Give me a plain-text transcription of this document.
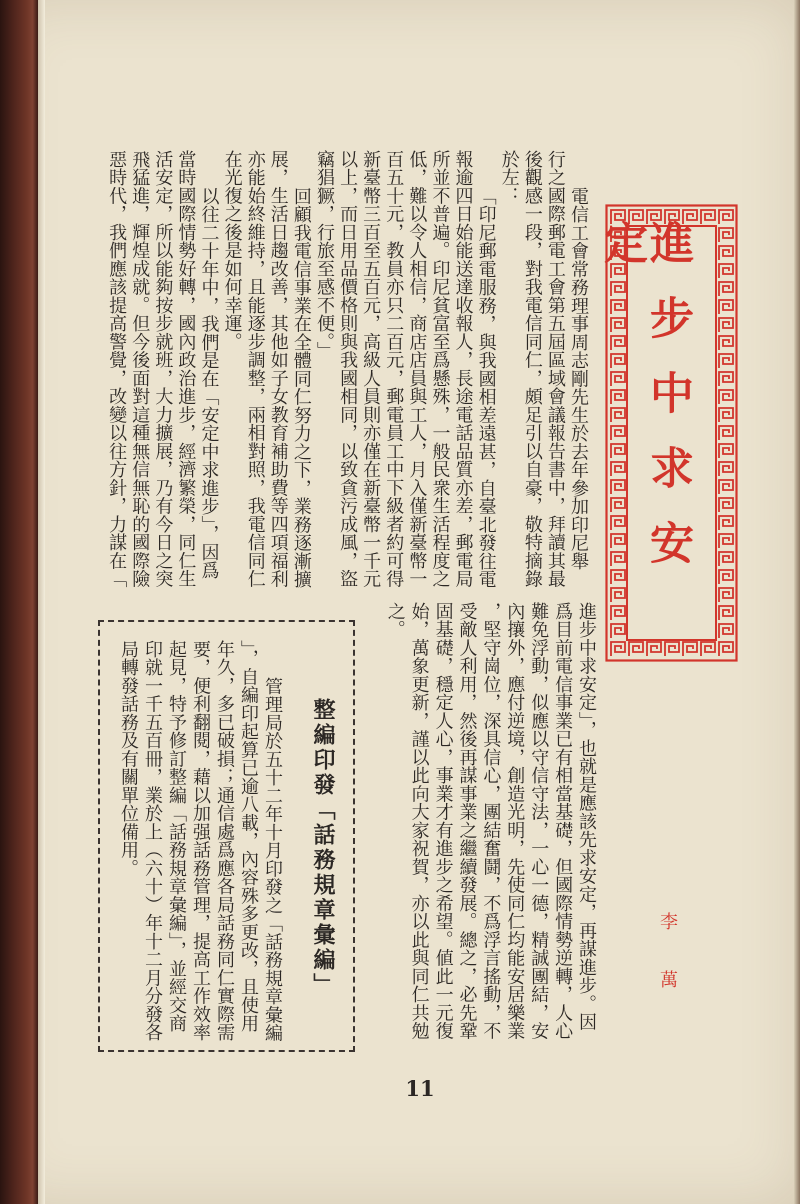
進步中求安定
李萬
電信工會常務理事周志剛先生於去年參加印尼舉
行之國際郵電工會第五屆區域會議報告書中，拜讀其最
後觀感一段，對我電信同仁，頗足引以自豪，敬特摘錄
於左：
「印尼郵電服務，與我國相差遠甚，自臺北發往電
報逾四日始能送達收報人，長途電話品質亦差，郵電局
所並不普遍。印尼貧富至爲懸殊，一般民衆生活程度之
低，難以令人相信，商店店員與工人，月入僅新臺幣一
百五十元，教員亦只二百元，郵電員工中下級者約可得
新臺幣三百至五百元，高級人員則亦僅在新臺幣一千元
以上，而日用品價格則與我國相同，以致貪污成風，盜
竊猖獗，行旅至感不便。」
回顧我電信事業在全體同仁努力之下，業務逐漸擴
展，生活日趨改善，其他如子女教育補助費等四項福利
亦能始終維持，且能逐步調整，兩相對照，我電信同仁
在光復之後是如何幸運。
以往二十年中，我們是在「安定中求進步」，因爲
當時國際情勢好轉，國內政治進步，經濟繁榮，同仁生
活安定，所以能夠按步就班，大力擴展，乃有今日之突
飛猛進，輝煌成就。但今後面對這種無信無恥的國際險
惡時代，我們應該提高警覺，改變以往方針，力謀在「
進步中求安定」，也就是應該先求安定，再謀進步。因
爲目前電信事業已有相當基礎，但國際情勢逆轉，人心
難免浮動，似應以守信守法，一心一德，精誠團結，安
內攘外，應付逆境，創造光明，先使同仁均能安居樂業
，堅守崗位，深具信心，團結奮鬪，不爲浮言搖動，不
受敵人利用，然後再謀事業之繼續發展。總之，必先鞏
固基礎，穩定人心，事業才有進步之希望。値此一元復
始，萬象更新，謹以此向大家祝賀，亦以此與同仁共勉
之。
整編印發「話務規章彙編」
管理局於五十二年十月印發之「話務規章彙編
」，自編印起算已逾八載，內容殊多更改，且使用
年久，多已破損；通信處爲應各局話務同仁實際需
要，便利翻閱，藉以加强話務管理，提高工作效率
起見，特予修訂整編「話務規章彙編」，並經交商
印就一千五百冊，業於上（六十）年十二月分發各
局轉發話務及有關單位備用。
11
